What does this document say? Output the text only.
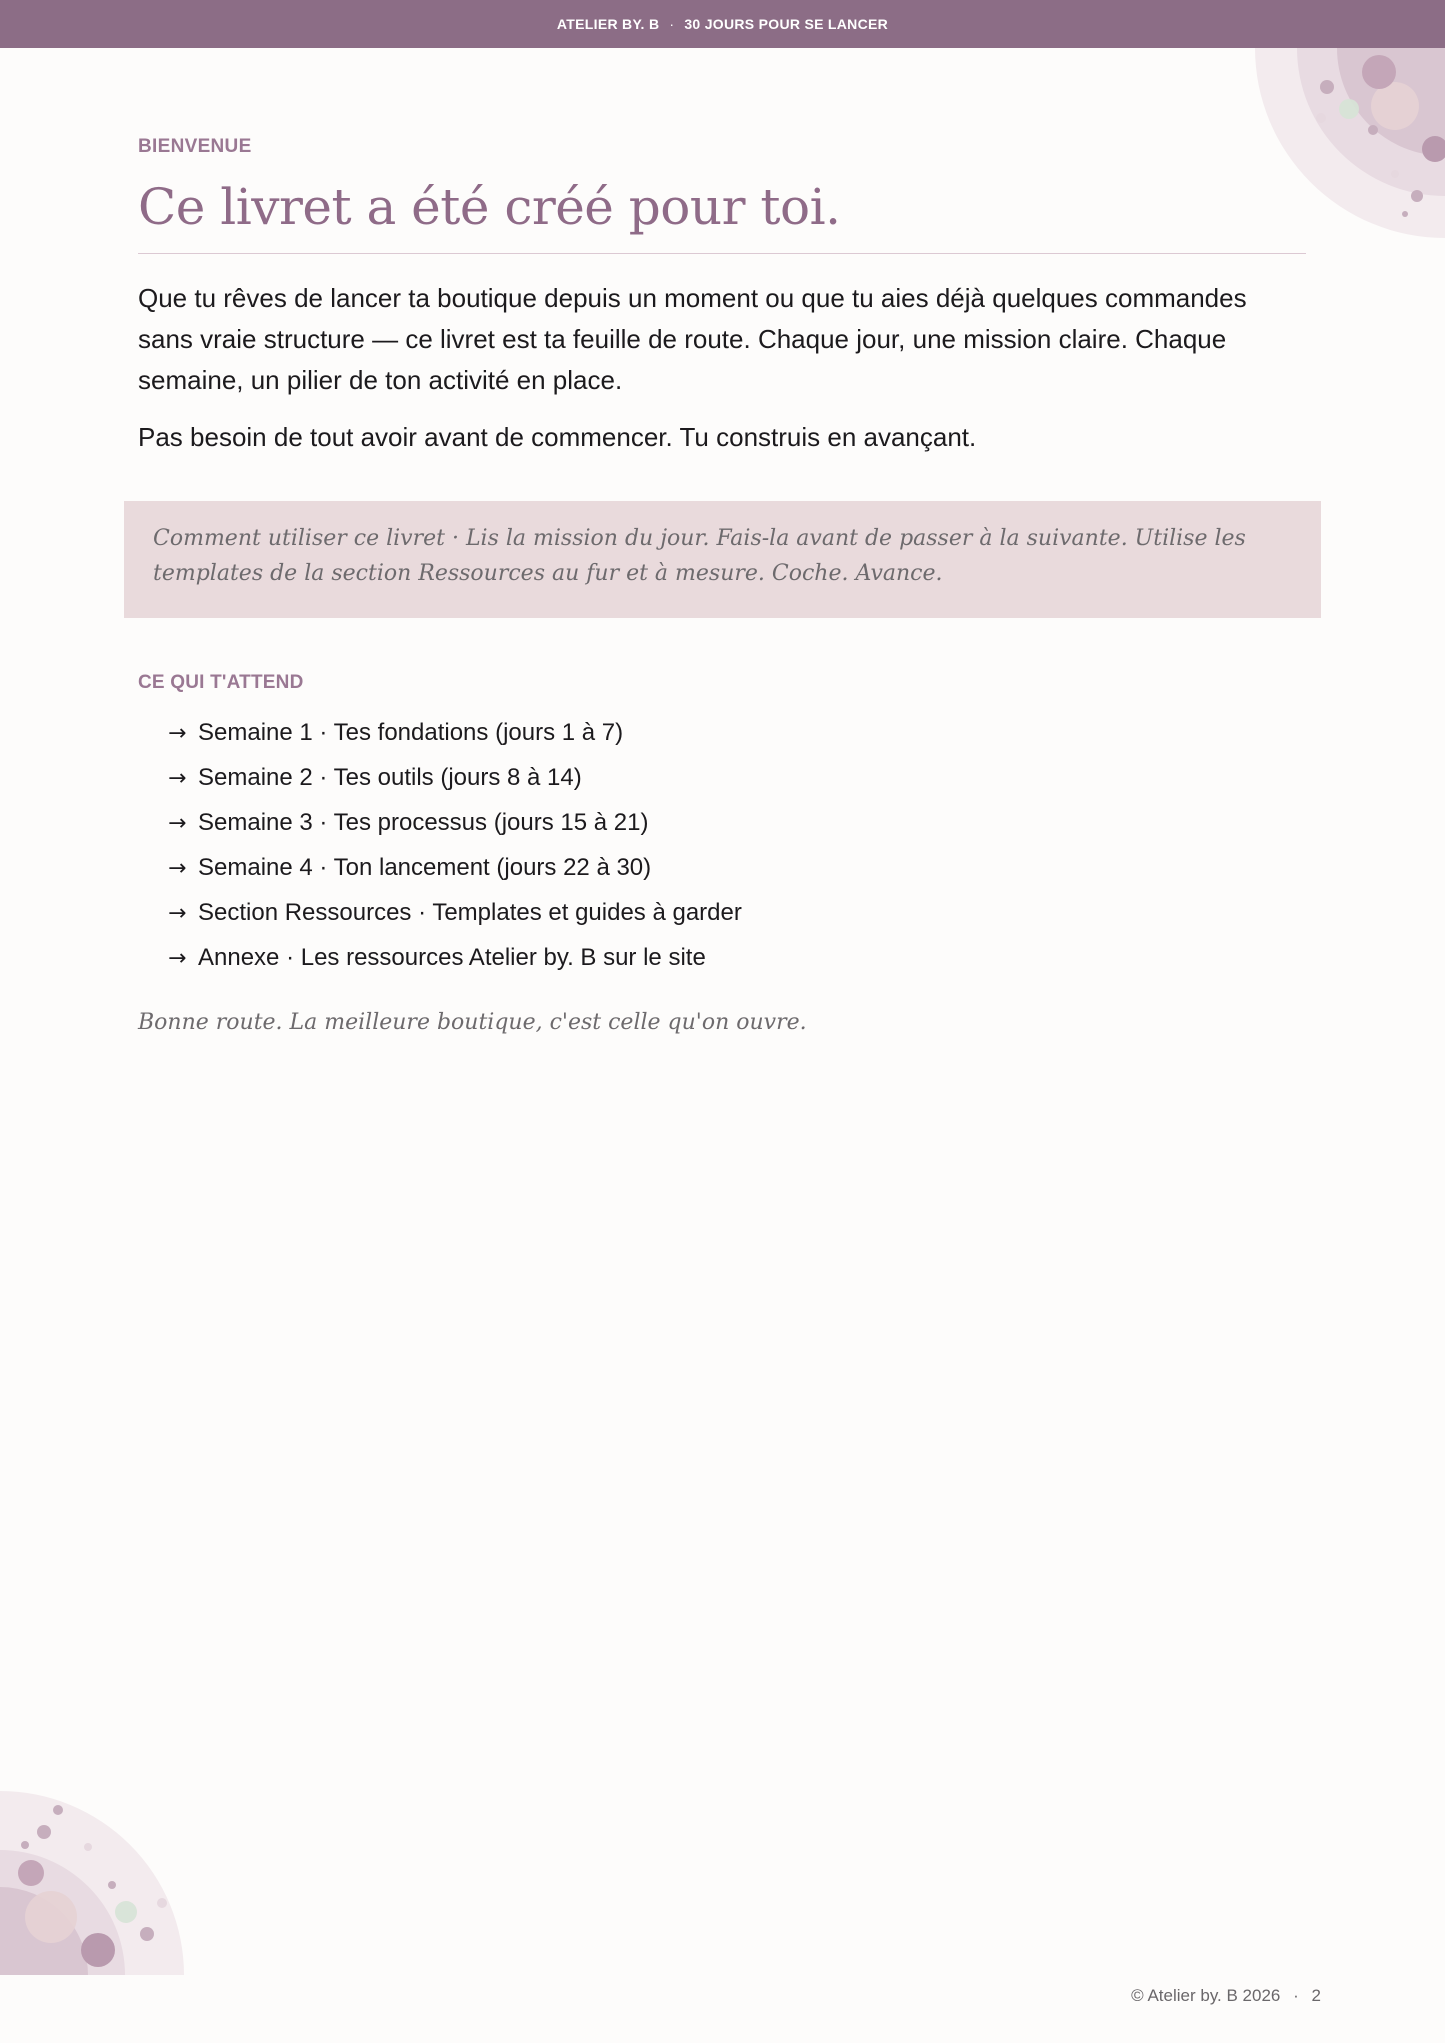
ATELIER BY. B · 30 JOURS POUR SE LANCER

BIENVENUE

Ce livret a été créé pour toi.

Que tu rêves de lancer ta boutique depuis un moment ou que tu aies déjà quelques commandes sans vraie structure — ce livret est ta feuille de route. Chaque jour, une mission claire. Chaque semaine, un pilier de ton activité en place.

Pas besoin de tout avoir avant de commencer. Tu construis en avançant.

Comment utiliser ce livret · Lis la mission du jour. Fais-la avant de passer à la suivante. Utilise les templates de la section Ressources au fur et à mesure. Coche. Avance.
CE QUI T'ATTEND
→ Semaine 1 · Tes fondations (jours 1 à 7)
→ Semaine 2 · Tes outils (jours 8 à 14)
→ Semaine 3 · Tes processus (jours 15 à 21)
→ Semaine 4 · Ton lancement (jours 22 à 30)
→ Section Ressources · Templates et guides à garder
→ Annexe · Les ressources Atelier by. B sur le site
Bonne route. La meilleure boutique, c'est celle qu'on ouvre.
© Atelier by. B 2026 · 2
